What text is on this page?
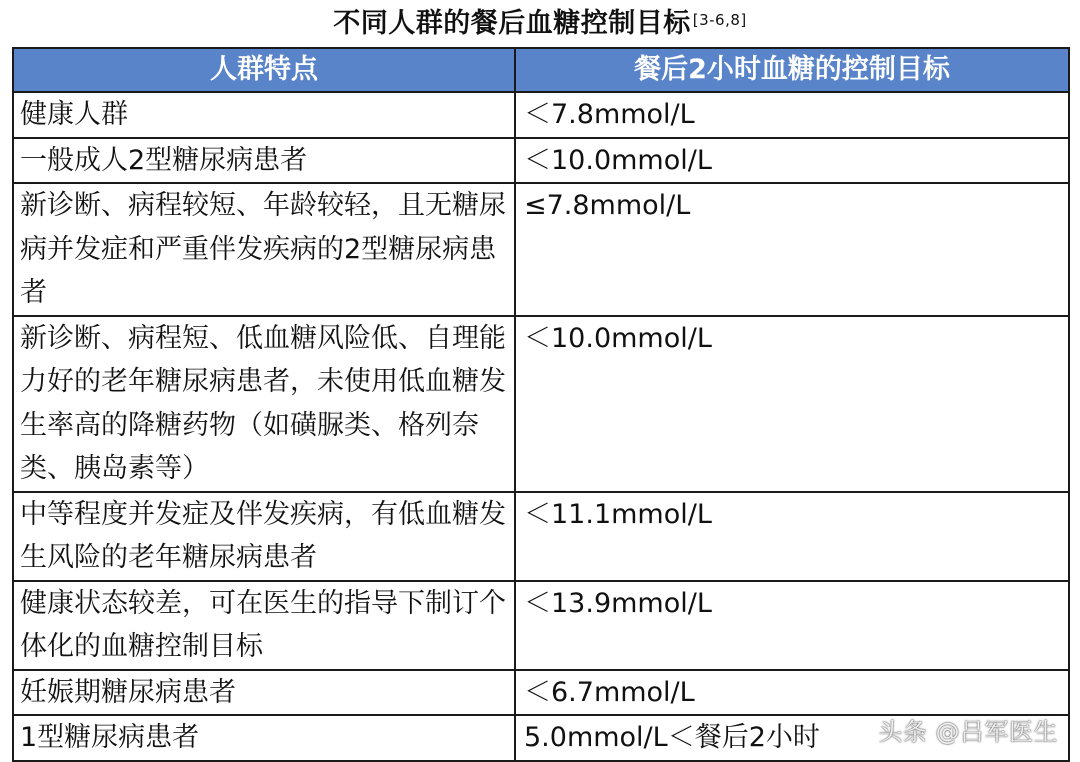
不同人群的餐后血糖控制目标 [3-6,8]
人群特点	餐后2小时血糖的控制目标
健康人群	＜7.8mmol/L
一般成人2型糖尿病患者	＜10.0mmol/L
新诊断、病程较短、年龄较轻，且无糖尿病并发症和严重伴发疾病的2型糖尿病患者	≤7.8mmol/L
新诊断、病程短、低血糖风险低、自理能力好的老年糖尿病患者，未使用低血糖发生率高的降糖药物（如磺脲类、格列奈类、胰岛素等）	＜10.0mmol/L
中等程度并发症及伴发疾病，有低血糖发生风险的老年糖尿病患者	＜11.1mmol/L
健康状态较差，可在医生的指导下制订个体化的血糖控制目标	＜13.9mmol/L
妊娠期糖尿病患者	＜6.7mmol/L
1型糖尿病患者	5.0mmol/L＜餐后2小时 头条 @吕军医生
